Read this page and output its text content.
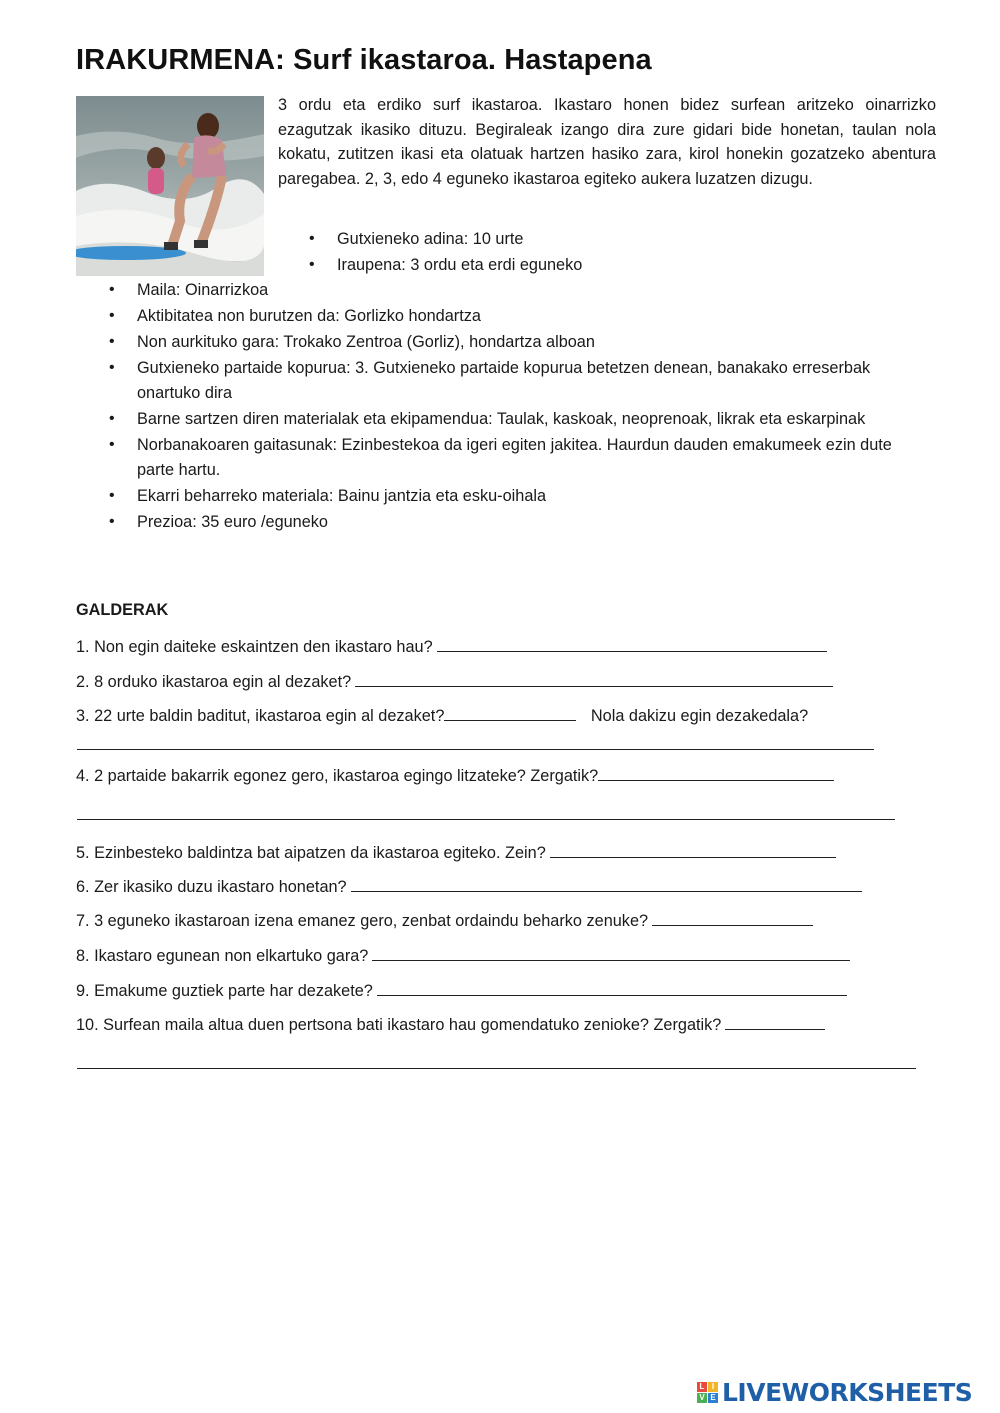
IRAKURMENA: Surf ikastaroa. Hastapena
3 ordu eta erdiko surf ikastaroa. Ikastaro honen bidez surfean aritzeko oinarrizko ezagutzak ikasiko dituzu. Begiraleak izango dira zure gidari bide honetan, taulan nola kokatu, zutitzen ikasi eta olatuak hartzen hasiko zara, kirol honekin gozatzeko abentura paregabea. 2, 3, edo 4 eguneko ikastaroa egiteko aukera luzatzen dizugu.
• Gutxieneko adina: 10 urte
• Iraupena: 3 ordu eta erdi eguneko
• Maila: Oinarrizkoa
• Aktibitatea non burutzen da: Gorlizko hondartza
• Non aurkituko gara: Trokako Zentroa (Gorliz), hondartza alboan
• Gutxieneko partaide kopurua: 3. Gutxieneko partaide kopurua betetzen denean, banakako erreserbak onartuko dira
• Barne sartzen diren materialak eta ekipamendua: Taulak, kaskoak, neoprenoak, likrak eta eskarpinak
• Norbanakoaren gaitasunak: Ezinbestekoa da igeri egiten jakitea. Haurdun dauden emakumeek ezin dute parte hartu.
• Ekarri beharreko materiala: Bainu jantzia eta esku-oihala
• Prezioa: 35 euro /eguneko
GALDERAK
1. Non egin daiteke eskaintzen den ikastaro hau?
2. 8 orduko ikastaroa egin al dezaket?
3. 22 urte baldin baditut, ikastaroa egin al dezaket?	Nola dakizu egin dezakedala?
4. 2 partaide bakarrik egonez gero, ikastaroa egingo litzateke? Zergatik?
5. Ezinbesteko baldintza bat aipatzen da ikastaroa egiteko. Zein?
6. Zer ikasiko duzu ikastaro honetan?
7. 3 eguneko ikastaroan izena emanez gero, zenbat ordaindu beharko zenuke?
8. Ikastaro egunean non elkartuko gara?
9. Emakume guztiek parte har dezakete?
10. Surfean maila altua duen pertsona bati ikastaro hau gomendatuko zenioke? Zergatik?
L I
V E LIVEWORKSHEETS
